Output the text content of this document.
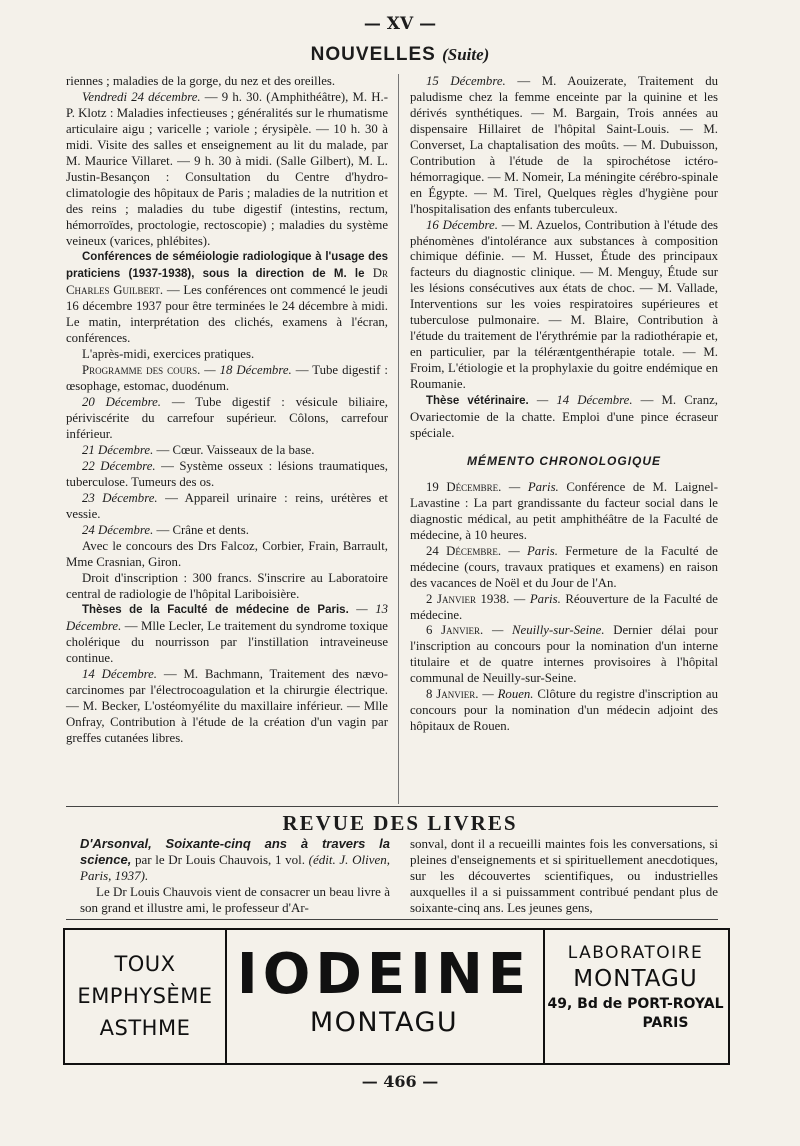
— XV —
NOUVELLES (Suite)

riennes ; maladies de la gorge, du nez et des oreilles.

Vendredi 24 décembre. — 9 h. 30. (Amphithéâtre), M. H.-P. Klotz : Maladies infectieuses ; généralités sur le rhumatisme articulaire aigu ; varicelle ; variole ; érysipèle. — 10 h. 30 à midi. Visite des salles et enseignement au lit du malade, par M. Maurice Villaret. — 9 h. 30 à midi. (Salle Gilbert), M. L. Justin-Besançon : Consultation du Centre d'hydro-climatologie des hôpitaux de Paris ; maladies de la nutrition et des reins ; maladies du tube digestif (intestins, rectum, hémorroïdes, proctologie, rectoscopie) ; maladies du système veineux (varices, phlébites).

Conférences de séméiologie radiologique à l'usage des praticiens (1937-1938), sous la direction de M. le Dr Charles Guilbert. — Les conférences ont commencé le jeudi 16 décembre 1937 pour être terminées le 24 décembre à midi. Le matin, interprétation des clichés, examens à l'écran, conférences.

L'après-midi, exercices pratiques.

Programme des cours. — 18 Décembre. — Tube digestif : œsophage, estomac, duodénum.

20 Décembre. — Tube digestif : vésicule biliaire, périviscérite du carrefour supérieur. Côlons, carrefour inférieur.

21 Décembre. — Cœur. Vaisseaux de la base.

22 Décembre. — Système osseux : lésions traumatiques, tuberculose. Tumeurs des os.

23 Décembre. — Appareil urinaire : reins, urétères et vessie.

24 Décembre. — Crâne et dents.

Avec le concours des Drs Falcoz, Corbier, Frain, Barrault, Mme Crasnian, Giron.

Droit d'inscription : 300 francs. S'inscrire au Laboratoire central de radiologie de l'hôpital Lariboisière.

Thèses de la Faculté de médecine de Paris. — 13 Décembre. — Mlle Lecler, Le traitement du syndrome toxique cholérique du nourrisson par l'instillation intraveineuse continue.

14 Décembre. — M. Bachmann, Traitement des nævo-carcinomes par l'électrocoagulation et la chirurgie électrique. — M. Becker, L'ostéomyélite du maxillaire inférieur. — Mlle Onfray, Contribution à l'étude de la création d'un vagin par greffes cutanées libres.

15 Décembre. — M. Aouizerate, Traitement du paludisme chez la femme enceinte par la quinine et les dérivés synthétiques. — M. Bargain, Trois années au dispensaire Hillairet de l'hôpital Saint-Louis. — M. Converset, La chaptalisation des moûts. — M. Dubuisson, Contribution à l'étude de la spirochétose ictéro-hémorragique. — M. Nomeir, La méningite cérébro-spinale en Égypte. — M. Tirel, Quelques règles d'hygiène pour l'hospitalisation des enfants tuberculeux.

16 Décembre. — M. Azuelos, Contribution à l'étude des phénomènes d'intolérance aux substances à composition chimique définie. — M. Husset, Étude des principaux facteurs du diagnostic clinique. — M. Menguy, Étude sur les lésions consécutives aux états de choc. — M. Vallade, Interventions sur les voies respiratoires supérieures et tuberculose pulmonaire. — M. Blaire, Contribution à l'étude du traitement de l'érythrémie par la radiothérapie et, en particulier, par la téléræntgenthérapie totale. — M. Froim, L'étiologie et la prophylaxie du goitre endémique en Roumanie.

Thèse vétérinaire. — 14 Décembre. — M. Cranz, Ovariectomie de la chatte. Emploi d'une pince écraseur spéciale.

MÉMENTO CHRONOLOGIQUE

19 Décembre. — Paris. Conférence de M. Laignel-Lavastine : La part grandissante du facteur social dans le diagnostic médical, au petit amphithéâtre de la Faculté de médecine, à 10 heures.

24 Décembre. — Paris. Fermeture de la Faculté de médecine (cours, travaux pratiques et examens) en raison des vacances de Noël et du Jour de l'An.

2 Janvier 1938. — Paris. Réouverture de la Faculté de médecine.

6 Janvier. — Neuilly-sur-Seine. Dernier délai pour l'inscription au concours pour la nomination d'un interne titulaire et de quatre internes provisoires à l'hôpital communal de Neuilly-sur-Seine.

8 Janvier. — Rouen. Clôture du registre d'inscription au concours pour la nomination d'un médecin adjoint des hôpitaux de Rouen.

REVUE DES LIVRES

D'Arsonval, Soixante-cinq ans à travers la science, par le Dr Louis Chauvois, 1 vol. (édit. J. Oliven, Paris, 1937).

Le Dr Louis Chauvois vient de consacrer un beau livre à son grand et illustre ami, le professeur d'Ar-

sonval, dont il a recueilli maintes fois les conversations, si pleines d'enseignements et si spirituellement anecdotiques, sur les découvertes scientifiques, ou industrielles auxquelles il a si puissamment contribué pendant plus de soixante-cinq ans. Les jeunes gens,

TOUX
EMPHYSÈME
ASTHME
IODEINE
MONTAGU
LABORATOIRE
MONTAGU
49, Bd de PORT-ROYAL
PARIS
— 466 —
